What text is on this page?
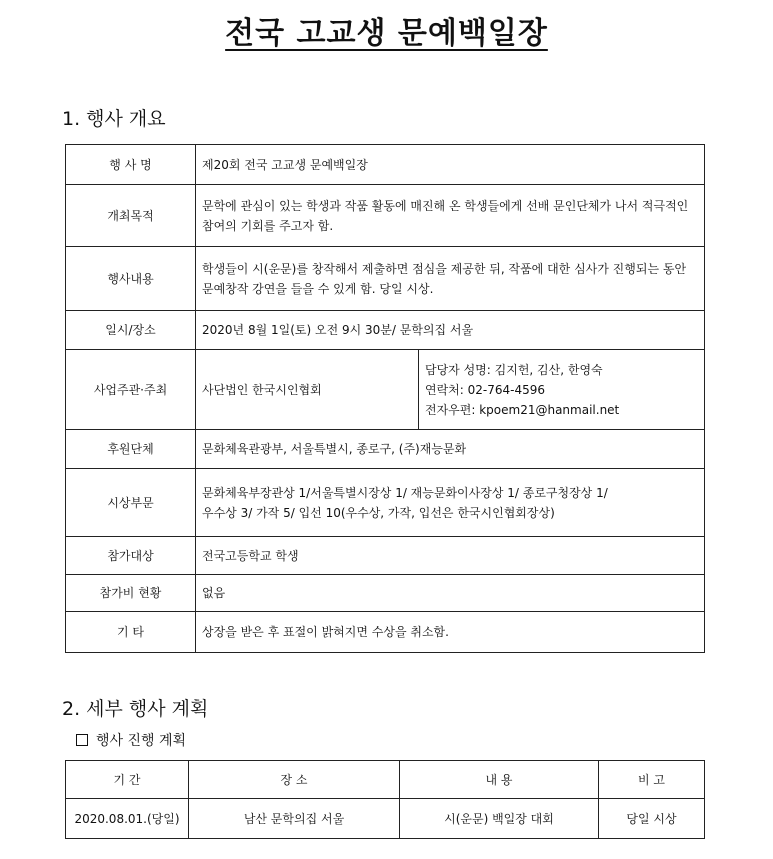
전국 고교생 문예백일장
1. 행사 개요
행 사 명	제20회 전국 고교생 문예백일장	
개최목적	문학에 관심이 있는 학생과 작품 활동에 매진해 온 학생들에게 선배 문인단체가 나서 적극적인 참여의 기회를 주고자 함.	
행사내용	학생들이 시(운문)를 창작해서 제출하면 점심을 제공한 뒤, 작품에 대한 심사가 진행되는 동안 문예창작 강연을 들을 수 있게 함. 당일 시상.	
일시/장소	2020년 8월 1일(토) 오전 9시 30분/ 문학의집 서울	
사업주관·주최	사단법인 한국시인협회	담당자 성명: 김지헌, 김산, 한영숙
연락처: 02-764-4596
전자우편: kpoem21@hanmail.net

후원단체	문화체육관광부, 서울특별시, 종로구, (주)재능문화	
시상부문	문화체육부장관상 1/서울특별시장상 1/ 재능문화이사장상 1/ 종로구청장상 1/
우수상 3/ 가작 5/ 입선 10(우수상, 가작, 입선은 한국시인협회장상)	

참가대상	전국고등학교 학생	
참가비 현황	없음	
기 타	상장을 받은 후 표절이 밝혀지면 수상을 취소함.	
2. 세부 행사 계획
행사 진행 계획
기 간	장 소	내 용	비 고
2020.08.01.(당일)	남산 문학의집 서울	시(운문) 백일장 대회	당일 시상
